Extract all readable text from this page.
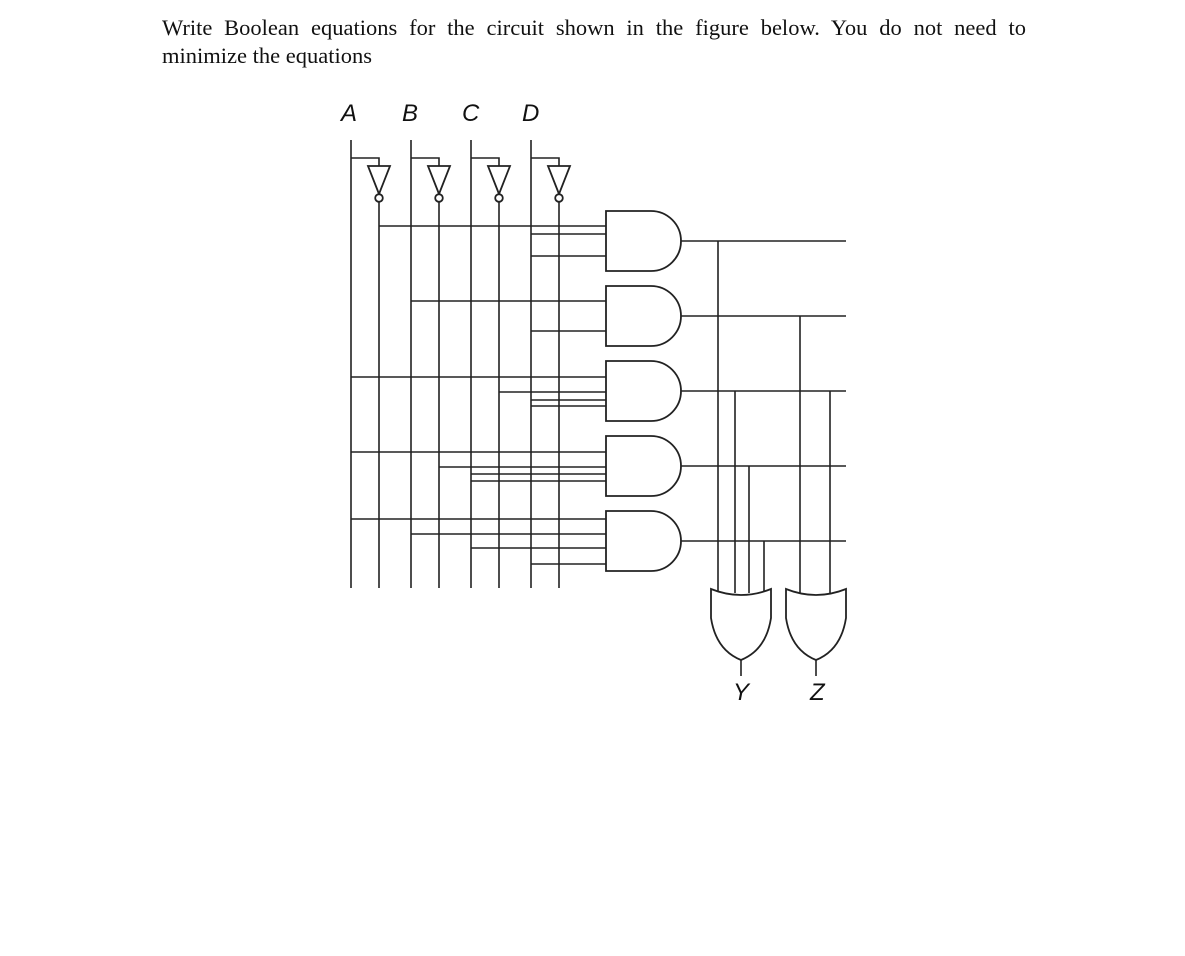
Write Boolean equations for the circuit shown in the figure below. You do not need to
minimize the equations
A B C D
Y	Z
